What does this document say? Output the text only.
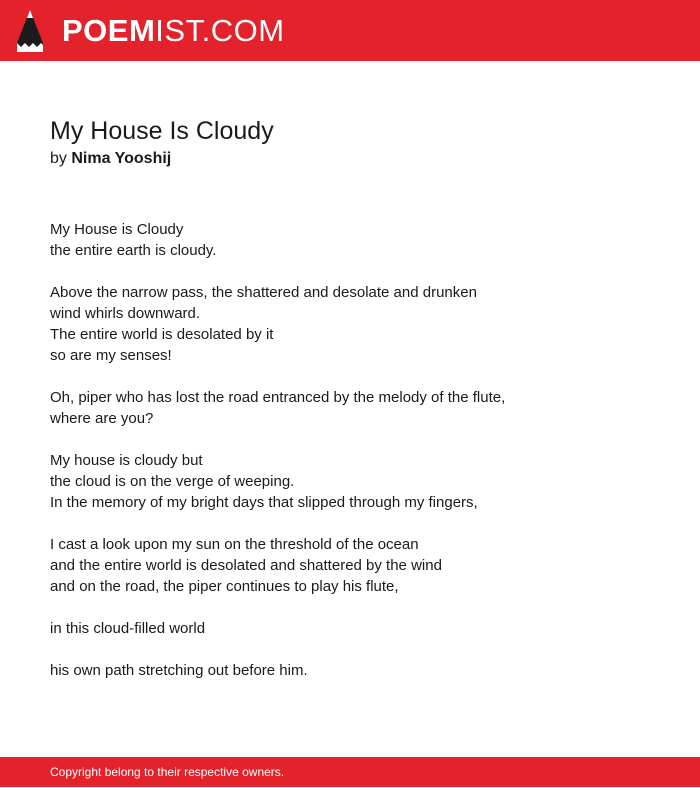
POEMIST.COM
My House Is Cloudy
by Nima Yooshij
My House is Cloudy
the entire earth is cloudy.
Above the narrow pass, the shattered and desolate and drunken
wind whirls downward.
The entire world is desolated by it
so are my senses!
Oh, piper who has lost the road entranced by the melody of the flute,
where are you?
My house is cloudy but
the cloud is on the verge of weeping.
In the memory of my bright days that slipped through my fingers,
I cast a look upon my sun on the threshold of the ocean
and the entire world is desolated and shattered by the wind
and on the road, the piper continues to play his flute,
in this cloud-filled world
his own path stretching out before him.
Copyright belong to their respective owners.
